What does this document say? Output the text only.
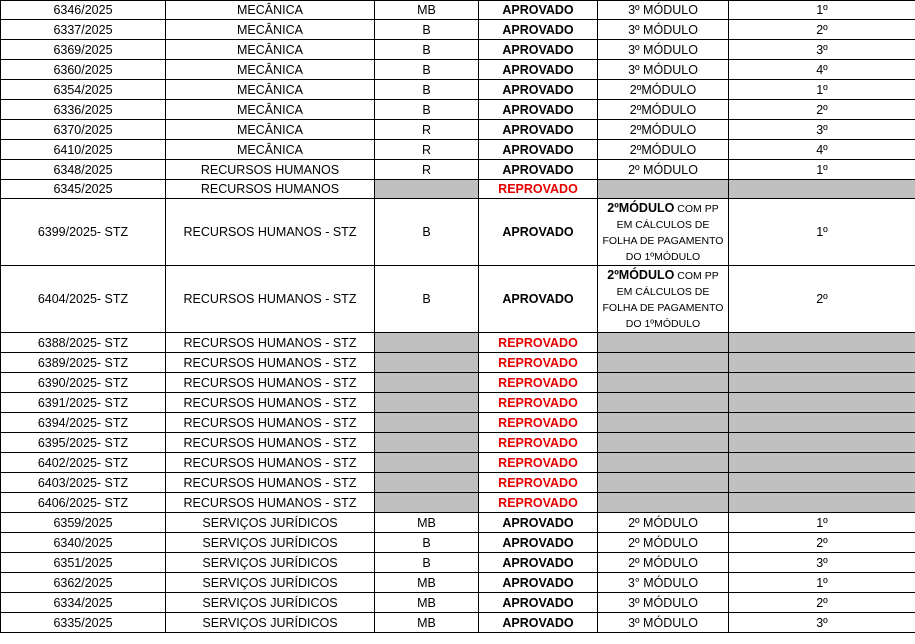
6346/2025	MECÂNICA	MB	APROVADO	3º MÓDULO	1º
6337/2025	MECÂNICA	B	APROVADO	3º MÓDULO	2º
6369/2025	MECÂNICA	B	APROVADO	3º MÓDULO	3º
6360/2025	MECÂNICA	B	APROVADO	3º MÓDULO	4º
6354/2025	MECÂNICA	B	APROVADO	2ºMÓDULO	1º
6336/2025	MECÂNICA	B	APROVADO	2ºMÓDULO	2º
6370/2025	MECÂNICA	R	APROVADO	2ºMÓDULO	3º
6410/2025	MECÂNICA	R	APROVADO	2ºMÓDULO	4º
6348/2025	RECURSOS HUMANOS	R	APROVADO	2º MÓDULO	1º
6345/2025	RECURSOS HUMANOS		REPROVADO		
6399/2025- STZ	RECURSOS HUMANOS - STZ	B	APROVADO	2ºMÓDULO COM PP EM CÁLCULOS DE FOLHA DE PAGAMENTO DO 1ºMÓDULO	1º
6404/2025- STZ	RECURSOS HUMANOS - STZ	B	APROVADO	2ºMÓDULO COM PP EM CÁLCULOS DE FOLHA DE PAGAMENTO DO 1ºMÓDULO	2º
6388/2025- STZ	RECURSOS HUMANOS - STZ		REPROVADO		
6389/2025- STZ	RECURSOS HUMANOS - STZ		REPROVADO		
6390/2025- STZ	RECURSOS HUMANOS - STZ		REPROVADO		
6391/2025- STZ	RECURSOS HUMANOS - STZ		REPROVADO		
6394/2025- STZ	RECURSOS HUMANOS - STZ		REPROVADO		
6395/2025- STZ	RECURSOS HUMANOS - STZ		REPROVADO		
6402/2025- STZ	RECURSOS HUMANOS - STZ		REPROVADO		
6403/2025- STZ	RECURSOS HUMANOS - STZ		REPROVADO		
6406/2025- STZ	RECURSOS HUMANOS - STZ		REPROVADO		
6359/2025	SERVIÇOS JURÍDICOS	MB	APROVADO	2º MÓDULO	1º
6340/2025	SERVIÇOS JURÍDICOS	B	APROVADO	2º MÓDULO	2º
6351/2025	SERVIÇOS JURÍDICOS	B	APROVADO	2º MÓDULO	3º
6362/2025	SERVIÇOS JURÍDICOS	MB	APROVADO	3° MÓDULO	1º
6334/2025	SERVIÇOS JURÍDICOS	MB	APROVADO	3º MÓDULO	2º
6335/2025	SERVIÇOS JURÍDICOS	MB	APROVADO	3º MÓDULO	3º
